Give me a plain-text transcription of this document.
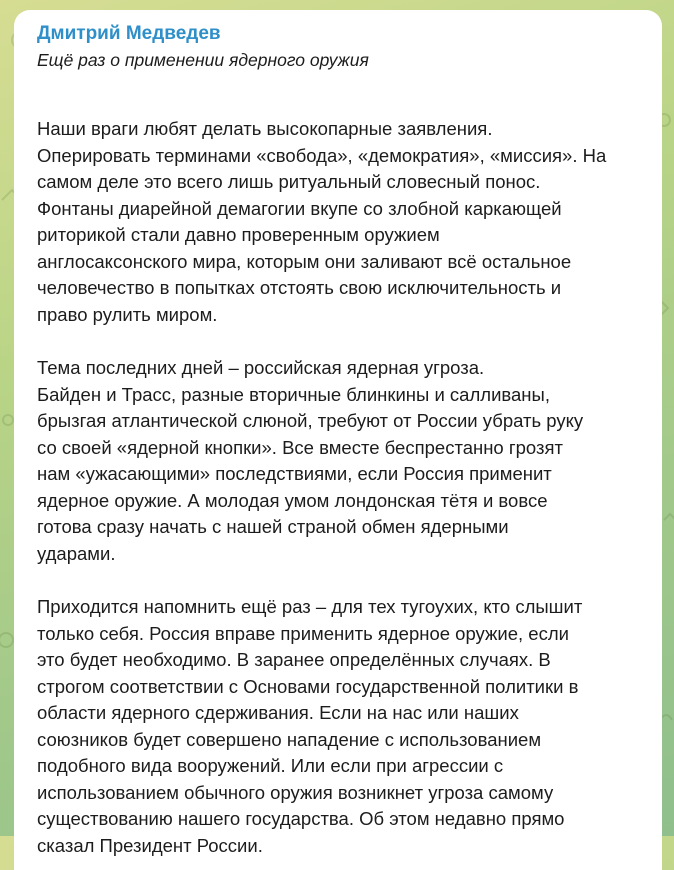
Дмитрий Медведев
Ещё раз о применении ядерного оружия

Наши враги любят делать высокопарные заявления.
Оперировать терминами «свобода», «демократия», «миссия». На
самом деле это всего лишь ритуальный словесный понос.
Фонтаны диарейной демагогии вкупе со злобной каркающей
риторикой стали давно проверенным оружием
англосаксонского мира, которым они заливают всё остальное
человечество в попытках отстоять свою исключительность и
право рулить миром.

Тема последних дней – российская ядерная угроза.
Байден и Трасс, разные вторичные блинкины и салливаны,
брызгая атлантической слюной, требуют от России убрать руку
со своей «ядерной кнопки». Все вместе беспрестанно грозят
нам «ужасающими» последствиями, если Россия применит
ядерное оружие. А молодая умом лондонская тётя и вовсе
готова сразу начать с нашей страной обмен ядерными
ударами.

Приходится напомнить ещё раз – для тех тугоухих, кто слышит
только себя. Россия вправе применить ядерное оружие, если
это будет необходимо. В заранее определённых случаях. В
строгом соответствии с Основами государственной политики в
области ядерного сдерживания. Если на нас или наших
союзников будет совершено нападение с использованием
подобного вида вооружений. Или если при агрессии с
использованием обычного оружия возникнет угроза самому
существованию нашего государства. Об этом недавно прямо
сказал Президент России.
